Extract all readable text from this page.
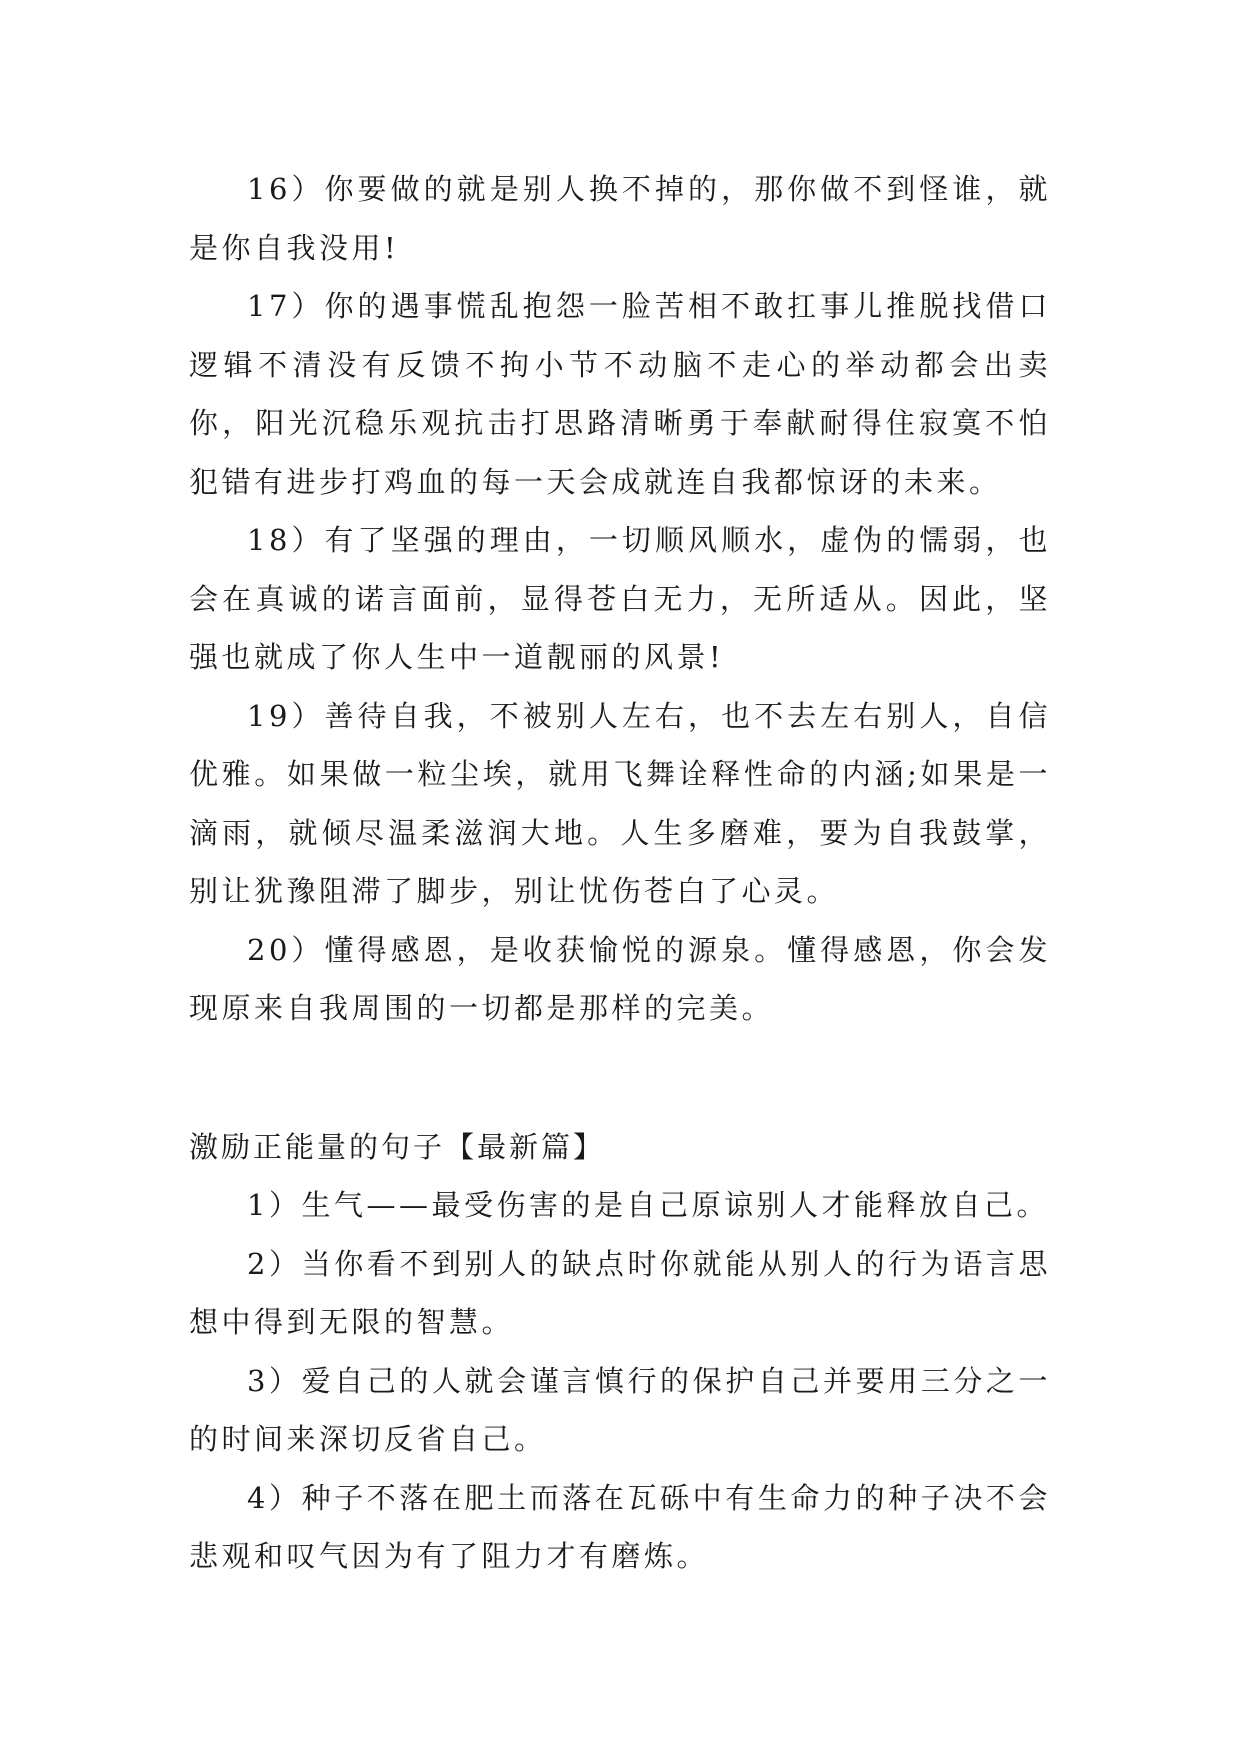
16）你要做的就是别人换不掉的，那你做不到怪谁，就是你自我没用!

17）你的遇事慌乱抱怨一脸苦相不敢扛事儿推脱找借口逻辑不清没有反馈不拘小节不动脑不走心的举动都会出卖你，阳光沉稳乐观抗击打思路清晰勇于奉献耐得住寂寞不怕犯错有进步打鸡血的每一天会成就连自我都惊讶的未来。

18）有了坚强的理由，一切顺风顺水，虚伪的懦弱，也会在真诚的诺言面前，显得苍白无力，无所适从。因此，坚强也就成了你人生中一道靓丽的风景!

19）善待自我，不被别人左右，也不去左右别人，自信优雅。如果做一粒尘埃，就用飞舞诠释性命的内涵;如果是一滴雨，就倾尽温柔滋润大地。人生多磨难，要为自我鼓掌，别让犹豫阻滞了脚步，别让忧伤苍白了心灵。

20）懂得感恩，是收获愉悦的源泉。懂得感恩，你会发现原来自我周围的一切都是那样的完美。

激励正能量的句子【最新篇】

1）生气——最受伤害的是自己原谅别人才能释放自己。

2）当你看不到别人的缺点时你就能从别人的行为语言思想中得到无限的智慧。

3）爱自己的人就会谨言慎行的保护自己并要用三分之一的时间来深切反省自己。

4）种子不落在肥土而落在瓦砾中有生命力的种子决不会悲观和叹气因为有了阻力才有磨炼。
